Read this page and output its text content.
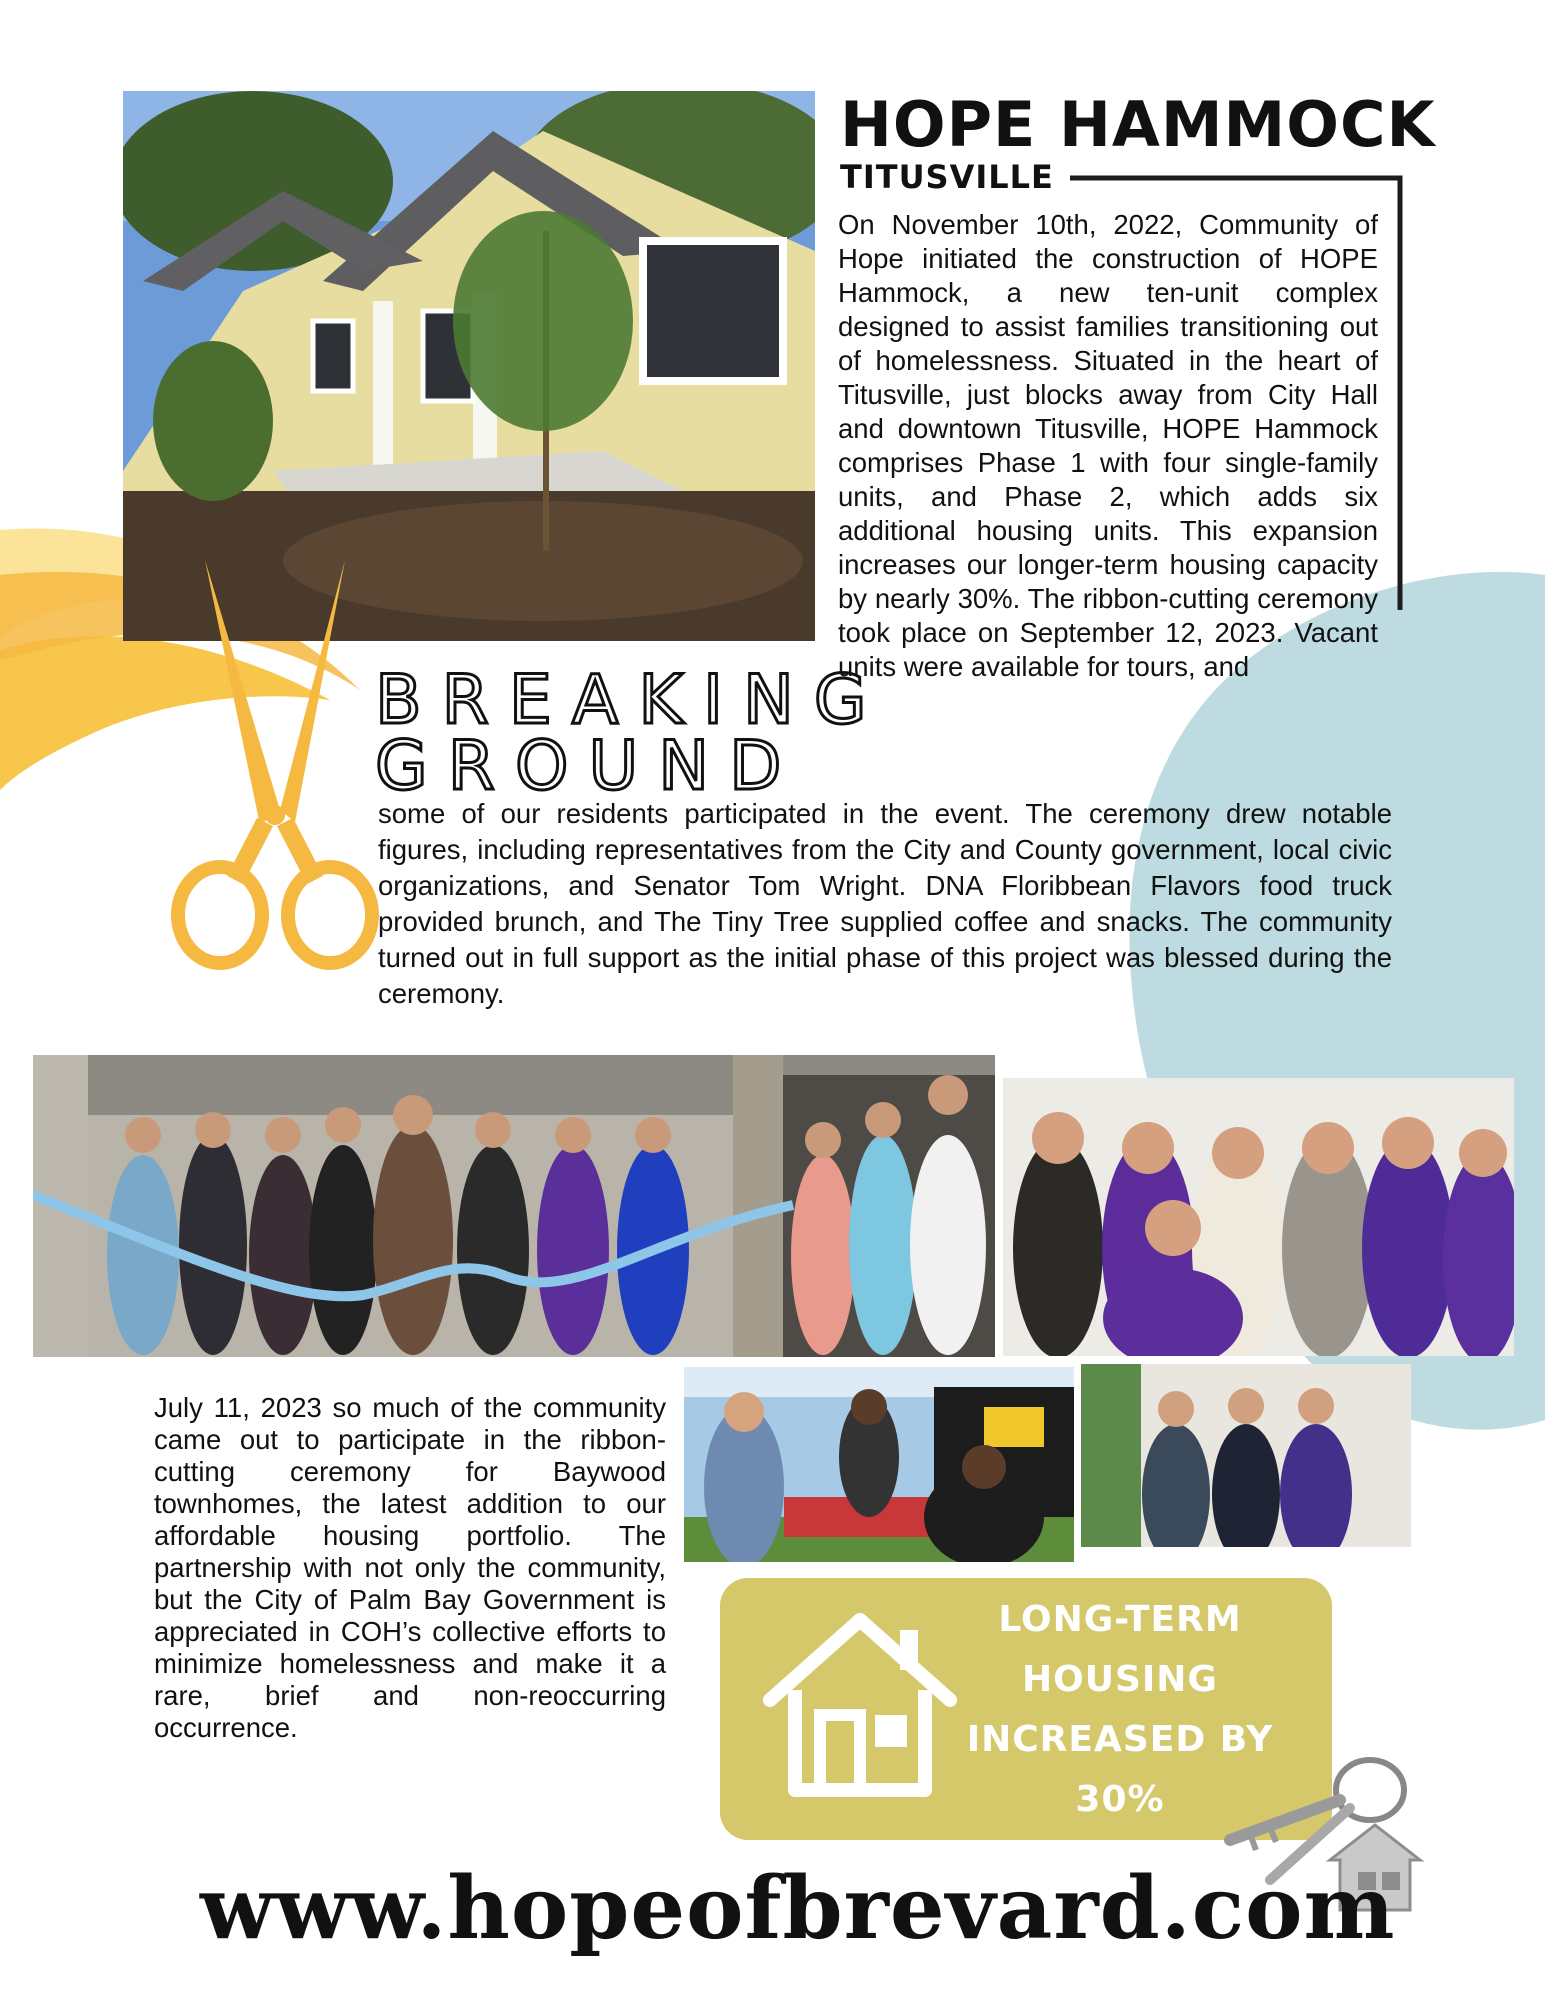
HOPE HAMMOCK
TITUSVILLE
BREAKING
GROUND
On November 10th, 2022, Community of Hope initiated the construction of HOPE Hammock, a new ten-unit complex designed to assist families transitioning out of homelessness. Situated in the heart of Titusville, just blocks away from City Hall and downtown Titusville, HOPE Hammock comprises Phase 1 with four single-family units, and Phase 2, which adds six additional housing units. This expansion increases our longer-term housing capacity by nearly 30%. The ribbon-cutting ceremony took place on September 12, 2023. Vacant units were available for tours, and
some of our residents participated in the event. The ceremony drew notable figures, including representatives from the City and County government, local civic organizations, and Senator Tom Wright. DNA Floribbean Flavors food truck provided brunch, and The Tiny Tree supplied coffee and snacks. The community turned out in full support as the initial phase of this project was blessed during the ceremony.
July 11, 2023 so much of the community came out to participate in the ribbon-cutting ceremony for Baywood townhomes, the latest addition to our affordable housing portfolio. The partnership with not only the community, but the City of Palm Bay Government is appreciated in COH’s collective efforts to minimize homelessness and make it a rare, brief and non-reoccurring occurrence.
LONG-TERM
HOUSING
INCREASED BY
30%
www.hopeofbrevard.com
